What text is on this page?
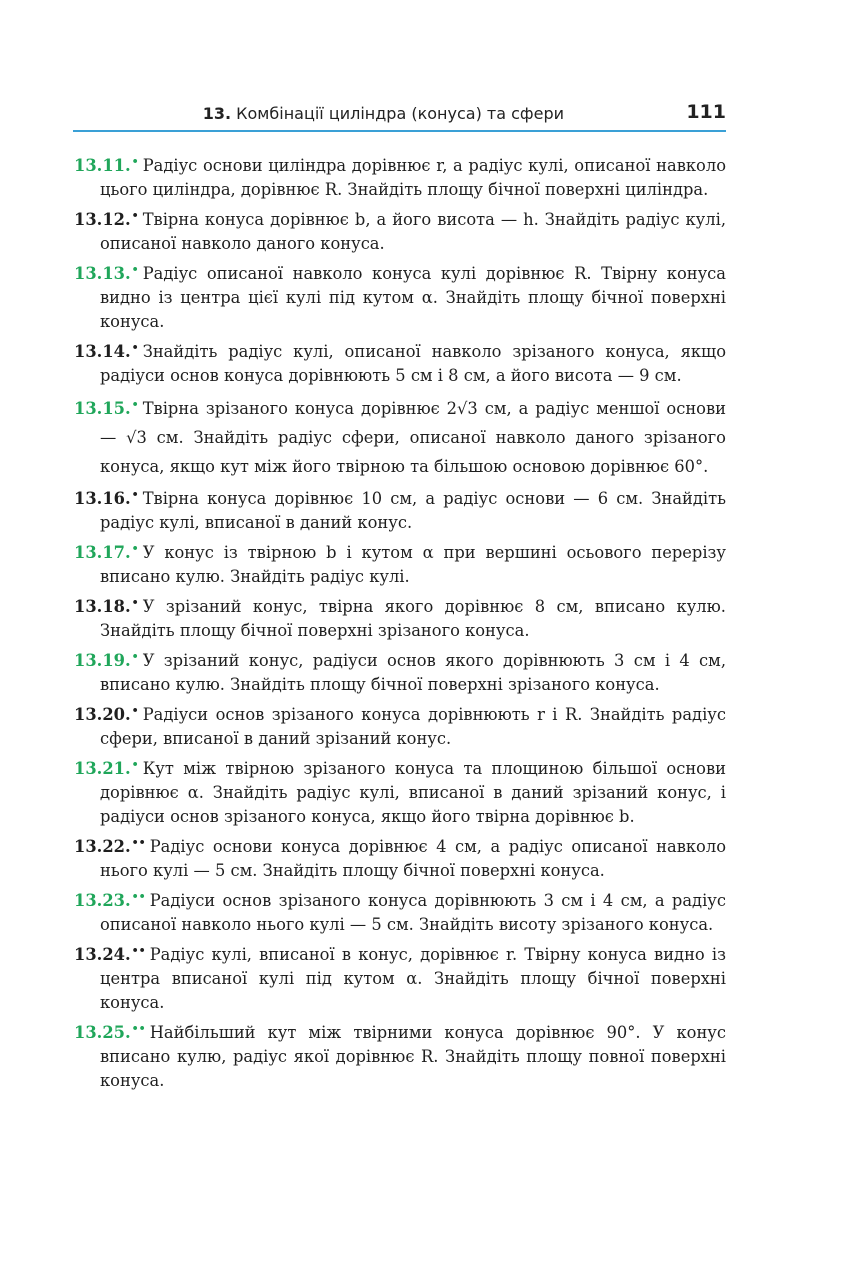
13. Комбінації циліндра (конуса) та сфери	111
13.11.• Радіус основи циліндра дорівнює r, а радіус кулі, описаної навколо цього циліндра, дорівнює R. Знайдіть площу бічної поверхні циліндра.
13.12.• Твірна конуса дорівнює b, а його висота — h. Знайдіть радіус кулі, описаної навколо даного конуса.
13.13.• Радіус описаної навколо конуса кулі дорівнює R. Твірну конуса видно із центра цієї кулі під кутом α. Знайдіть площу бічної поверхні конуса.
13.14.• Знайдіть радіус кулі, описаної навколо зрізаного конуса, якщо радіуси основ конуса дорівнюють 5 см і 8 см, а його висота — 9 см.
13.15.• Твірна зрізаного конуса дорівнює 2√3 см, а радіус меншої основи — √3 см. Знайдіть радіус сфери, описаної навколо даного зрізаного конуса, якщо кут між його твірною та більшою основою дорівнює 60°.
13.16.• Твірна конуса дорівнює 10 см, а радіус основи — 6 см. Знайдіть радіус кулі, вписаної в даний конус.
13.17.• У конус із твірною b і кутом α при вершині осьового перерізу вписано кулю. Знайдіть радіус кулі.
13.18.• У зрізаний конус, твірна якого дорівнює 8 см, вписано кулю. Знайдіть площу бічної поверхні зрізаного конуса.
13.19.• У зрізаний конус, радіуси основ якого дорівнюють 3 см і 4 см, вписано кулю. Знайдіть площу бічної поверхні зрізаного конуса.
13.20.• Радіуси основ зрізаного конуса дорівнюють r і R. Знайдіть радіус сфери, вписаної в даний зрізаний конус.
13.21.• Кут між твірною зрізаного конуса та площиною більшої основи дорівнює α. Знайдіть радіус кулі, вписаної в даний зрізаний конус, і радіуси основ зрізаного конуса, якщо його твірна дорівнює b.
13.22.•• Радіус основи конуса дорівнює 4 см, а радіус описаної навколо нього кулі — 5 см. Знайдіть площу бічної поверхні конуса.
13.23.•• Радіуси основ зрізаного конуса дорівнюють 3 см і 4 см, а радіус описаної навколо нього кулі — 5 см. Знайдіть висоту зрізаного конуса.
13.24.•• Радіус кулі, вписаної в конус, дорівнює r. Твірну конуса видно із центра вписаної кулі під кутом α. Знайдіть площу бічної поверхні конуса.
13.25.•• Найбільший кут між твірними конуса дорівнює 90°. У конус вписано кулю, радіус якої дорівнює R. Знайдіть площу повної поверхні конуса.
